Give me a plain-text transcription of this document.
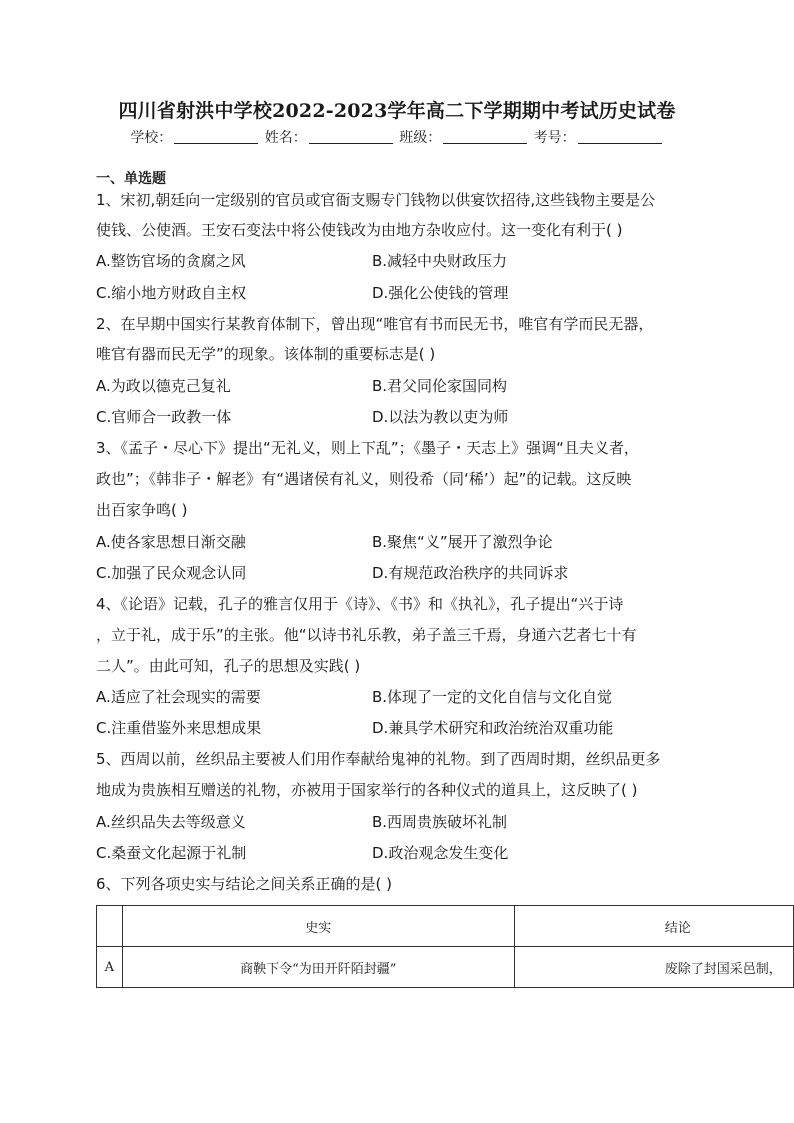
四川省射洪中学校2022-2023学年高二下学期期中考试历史试卷
学校：	姓名：	班级：	考号：
一、单选题
1、宋初,朝廷向一定级别的官员或官衙支赐专门钱物以供宴饮招待,这些钱物主要是公
使钱、公使酒。王安石变法中将公使钱改为由地方杂收应付。这一变化有利于( )
A.整饬官场的贪腐之风	B.减轻中央财政压力
C.缩小地方财政自主权	D.强化公使钱的管理
2、在早期中国实行某教育体制下，曾出现“唯官有书而民无书，唯官有学而民无器，
唯官有器而民无学”的现象。该体制的重要标志是( )
A.为政以德克己复礼	B.君父同伦家国同构
C.官师合一政教一体	D.以法为教以吏为师
3、《孟子・尽心下》提出“无礼义，则上下乱”；《墨子・天志上》强调“且夫义者，
政也”；《韩非子・解老》有“遇诸侯有礼义，则役希（同‘稀’）起”的记载。这反映
出百家争鸣( )
A.使各家思想日渐交融	B.聚焦“义”展开了激烈争论
C.加强了民众观念认同	D.有规范政治秩序的共同诉求
4、《论语》记载，孔子的雅言仅用于《诗》、《书》和《执礼》，孔子提出“兴于诗
，立于礼，成于乐”的主张。他“以诗书礼乐教，弟子盖三千焉，身通六艺者七十有
二人”。由此可知，孔子的思想及实践( )
A.适应了社会现实的需要	B.体现了一定的文化自信与文化自觉
C.注重借鉴外来思想成果	D.兼具学术研究和政治统治双重功能
5、西周以前，丝织品主要被人们用作奉献给鬼神的礼物。到了西周时期，丝织品更多
地成为贵族相互赠送的礼物，亦被用于国家举行的各种仪式的道具上，这反映了( )
A.丝织品失去等级意义	B.西周贵族破坏礼制
C.桑蚕文化起源于礼制	D.政治观念发生变化
6、下列各项史实与结论之间关系正确的是( )
	史实	结论
A	商鞅下令“为田开阡陌封疆”	废除了封国采邑制，
